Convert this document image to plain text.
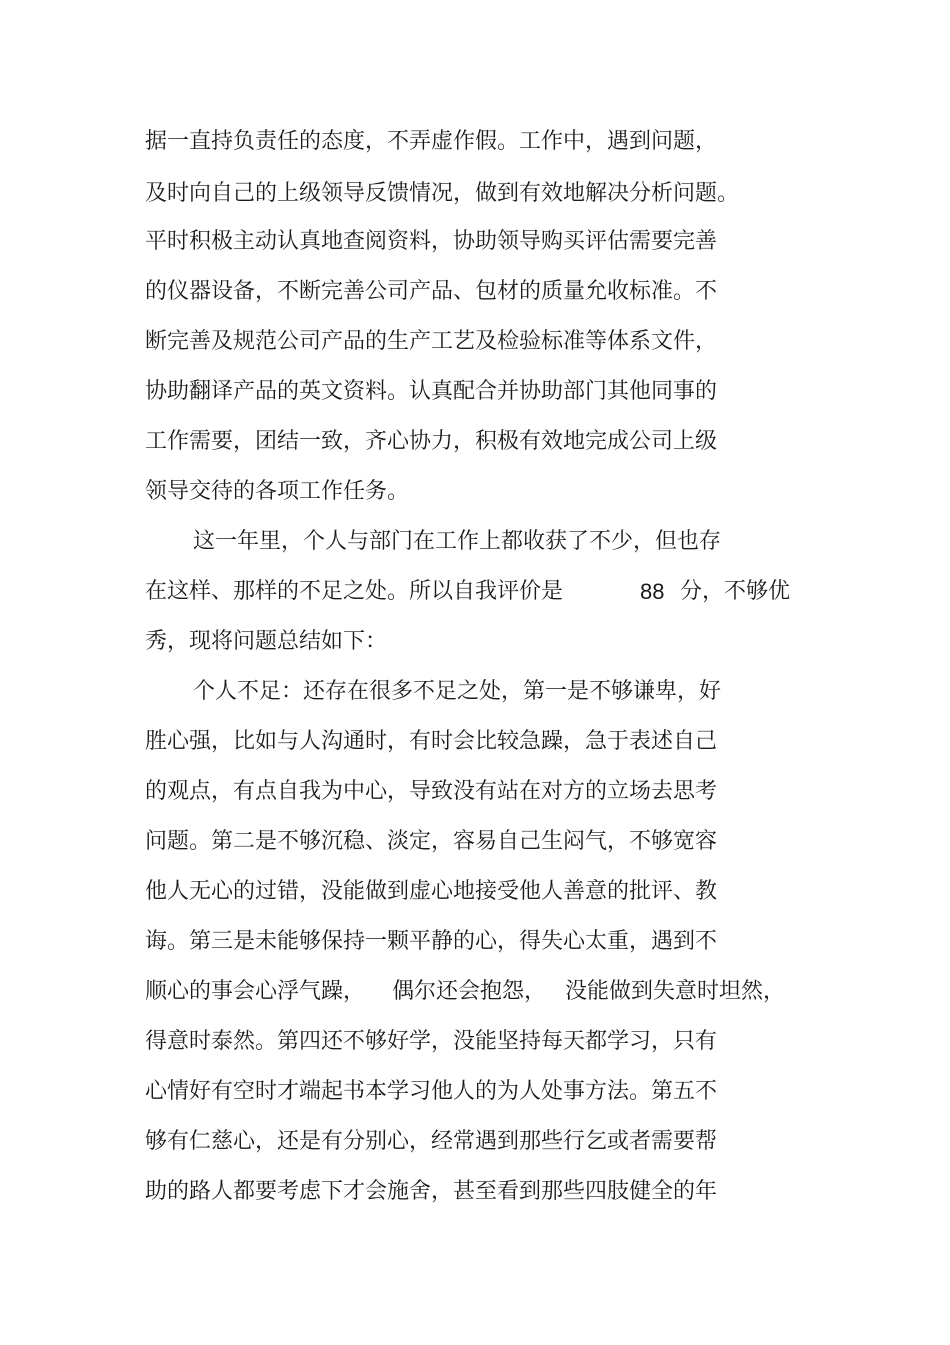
据一直持负责任的态度，不弄虚作假。工作中，遇到问题，
及时向自己的上级领导反馈情况，做到有效地解决分析问题。
平时积极主动认真地查阅资料，协助领导购买评估需要完善
的仪器设备，不断完善公司产品、包材的质量允收标准。不
断完善及规范公司产品的生产工艺及检验标准等体系文件，
协助翻译产品的英文资料。认真配合并协助部门其他同事的
工作需要，团结一致，齐心协力，积极有效地完成公司上级
领导交待的各项工作任务。
这一年里，个人与部门在工作上都收获了不少，但也存
在这样、那样的不足之处。所以自我评价是	88 分，不够优
秀，现将问题总结如下：
个人不足：还存在很多不足之处，第一是不够谦卑，好
胜心强，比如与人沟通时，有时会比较急躁，急于表述自己
的观点，有点自我为中心，导致没有站在对方的立场去思考
问题。第二是不够沉稳、淡定，容易自己生闷气，不够宽容
他人无心的过错，没能做到虚心地接受他人善意的批评、教
诲。第三是未能够保持一颗平静的心，得失心太重，遇到不
顺心的事会心浮气躁， 偶尔还会抱怨， 没能做到失意时坦然，
得意时泰然。第四还不够好学，没能坚持每天都学习，只有
心情好有空时才端起书本学习他人的为人处事方法。第五不
够有仁慈心，还是有分别心，经常遇到那些行乞或者需要帮
助的路人都要考虑下才会施舍，甚至看到那些四肢健全的年
